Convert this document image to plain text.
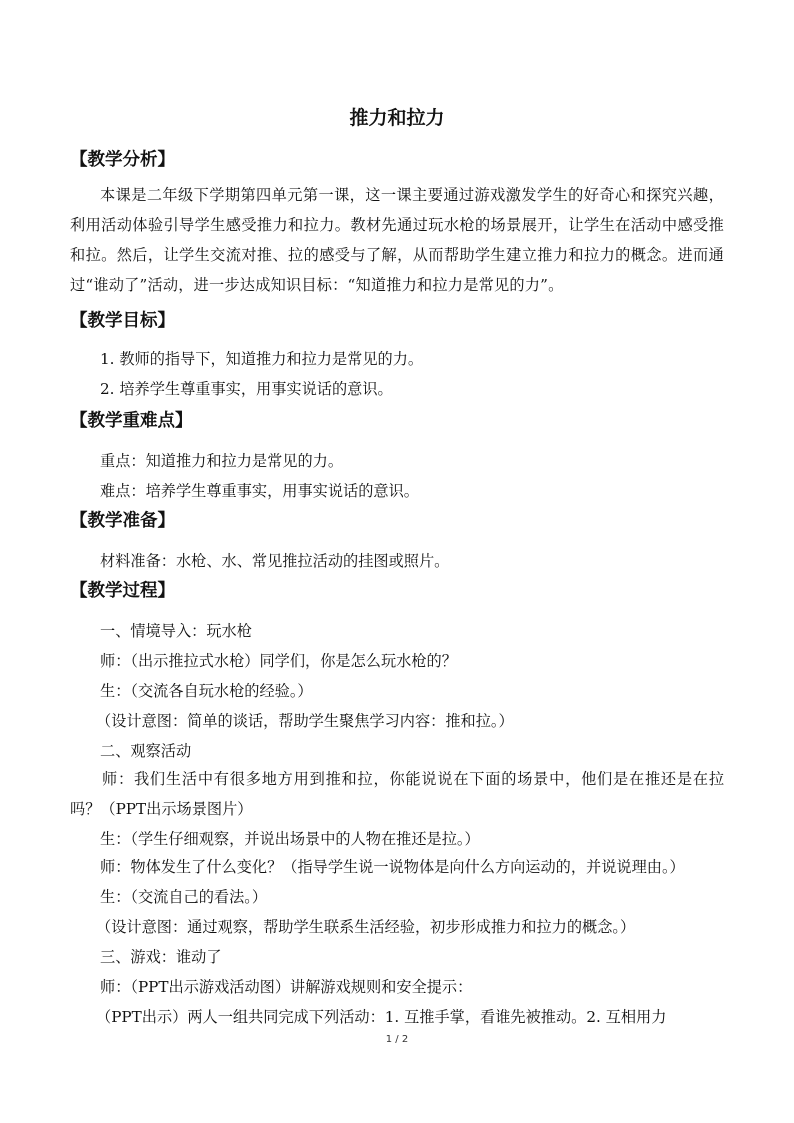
推力和拉力
【教学分析】
本课是二年级下学期第四单元第一课，这一课主要通过游戏激发学生的好奇心和探究兴趣，利用活动体验引导学生感受推力和拉力。教材先通过玩水枪的场景展开，让学生在活动中感受推和拉。然后，让学生交流对推、拉的感受与了解，从而帮助学生建立推力和拉力的概念。进而通过“谁动了”活动，进一步达成知识目标：“知道推力和拉力是常见的力”。
【教学目标】
1. 教师的指导下，知道推力和拉力是常见的力。
2. 培养学生尊重事实，用事实说话的意识。
【教学重难点】
重点：知道推力和拉力是常见的力。
难点：培养学生尊重事实，用事实说话的意识。
【教学准备】
材料准备：水枪、水、常见推拉活动的挂图或照片。
【教学过程】
一、情境导入：玩水枪
师：（出示推拉式水枪）同学们，你是怎么玩水枪的？
生：（交流各自玩水枪的经验。）
（设计意图：简单的谈话，帮助学生聚焦学习内容：推和拉。）
二、观察活动
师：我们生活中有很多地方用到推和拉，你能说说在下面的场景中，他们是在推还是在拉吗？（PPT出示场景图片）
生：（学生仔细观察，并说出场景中的人物在推还是拉。）
师：物体发生了什么变化？（指导学生说一说物体是向什么方向运动的，并说说理由。）
生：（交流自己的看法。）
（设计意图：通过观察，帮助学生联系生活经验，初步形成推力和拉力的概念。）
三、游戏：谁动了
师：（PPT出示游戏活动图）讲解游戏规则和安全提示：
（PPT出示）两人一组共同完成下列活动：1. 互推手掌，看谁先被推动。2. 互相用力
1 / 2
